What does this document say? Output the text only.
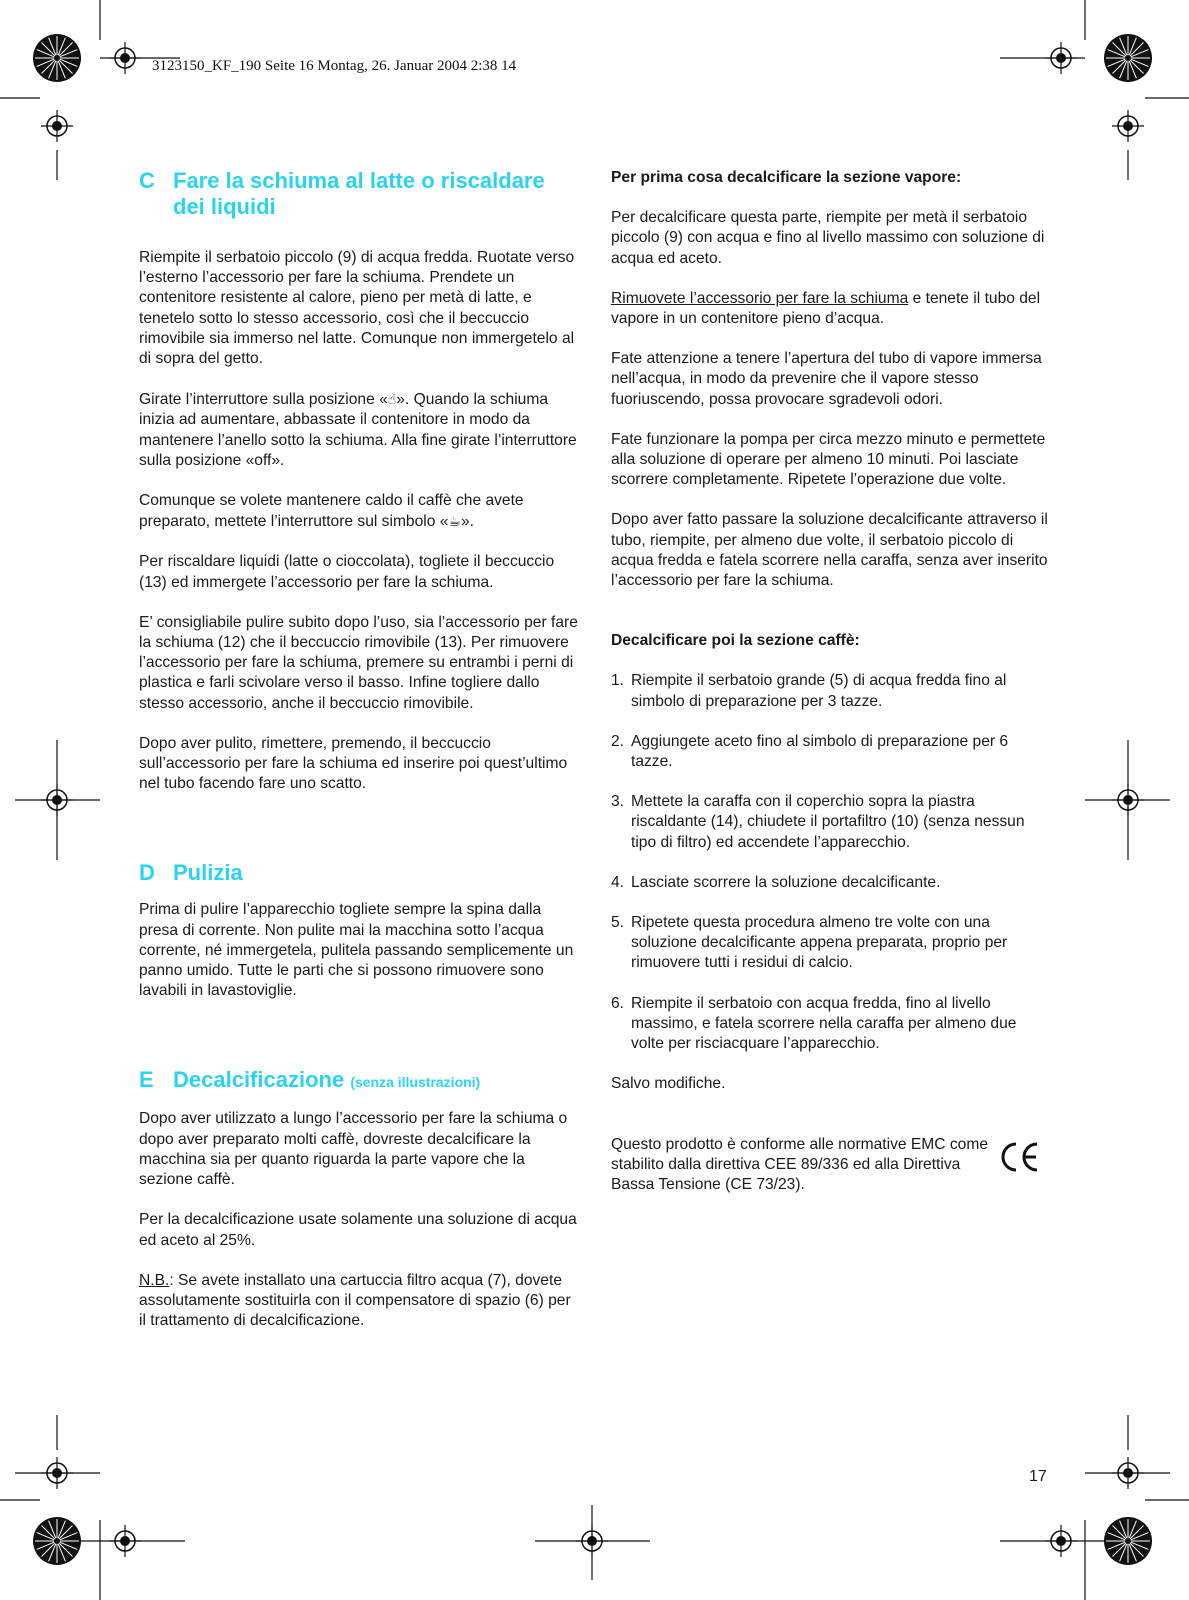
3123150_KF_190 Seite 16 Montag, 26. Januar 2004 2:38 14
C Fare la schiuma al latte o riscaldare dei liquidi

Riempite il serbatoio piccolo (9) di acqua fredda. Ruotate verso l’esterno l’accessorio per fare la schiuma. Prendete un contenitore resistente al calore, pieno per metà di latte, e tenetelo sotto lo stesso accessorio, così che il beccuccio rimovibile sia immerso nel latte. Comunque non immergetelo al di sopra del getto.

Girate l’interruttore sulla posizione «☝». Quando la schiuma inizia ad aumentare, abbassate il contenitore in modo da mantenere l’anello sotto la schiuma. Alla fine girate l’interruttore sulla posizione «off».

Comunque se volete mantenere caldo il caffè che avete preparato, mettete l’interruttore sul simbolo «☕».

Per riscaldare liquidi (latte o cioccolata), togliete il beccuccio (13) ed immergete l’accessorio per fare la schiuma.

E’ consigliabile pulire subito dopo l’uso, sia l’accessorio per fare la schiuma (12) che il beccuccio rimovibile (13). Per rimuovere l’accessorio per fare la schiuma, premere su entrambi i perni di plastica e farli scivolare verso il basso. Infine togliere dallo stesso accessorio, anche il beccuccio rimovibile.

Dopo aver pulito, rimettere, premendo, il beccuccio sull’accessorio per fare la schiuma ed inserire poi quest’ultimo nel tubo facendo fare uno scatto.

D Pulizia

Prima di pulire l’apparecchio togliete sempre la spina dalla presa di corrente. Non pulite mai la macchina sotto l’acqua corrente, né immergetela, pulitela passando semplicemente un panno umido. Tutte le parti che si possono rimuovere sono lavabili in lavastoviglie.

E Decalcificazione (senza illustrazioni)

Dopo aver utilizzato a lungo l’accessorio per fare la schiuma o dopo aver preparato molti caffè, dovreste decalcificare la macchina sia per quanto riguarda la parte vapore che la sezione caffè.

Per la decalcificazione usate solamente una soluzione di acqua ed aceto al 25%.

N.B.: Se avete installato una cartuccia filtro acqua (7), dovete assolutamente sostituirla con il compensatore di spazio (6) per il trattamento di decalcificazione.

Per prima cosa decalcificare la sezione vapore:

Per decalcificare questa parte, riempite per metà il serbatoio piccolo (9) con acqua e fino al livello massimo con soluzione di acqua ed aceto.

Rimuovete l’accessorio per fare la schiuma e tenete il tubo del vapore in un contenitore pieno d’acqua.

Fate attenzione a tenere l’apertura del tubo di vapore immersa nell’acqua, in modo da prevenire che il vapore stesso fuoriuscendo, possa provocare sgradevoli odori.

Fate funzionare la pompa per circa mezzo minuto e permettete alla soluzione di operare per almeno 10 minuti. Poi lasciate scorrere completamente. Ripetete l’operazione due volte.

Dopo aver fatto passare la soluzione decalcificante attraverso il tubo, riempite, per almeno due volte, il serbatoio piccolo di acqua fredda e fatela scorrere nella caraffa, senza aver inserito l’accessorio per fare la schiuma.

Decalcificare poi la sezione caffè:

1. Riempite il serbatoio grande (5) di acqua fredda fino al simbolo di preparazione per 3 tazze.
2. Aggiungete aceto fino al simbolo di preparazione per 6 tazze.
3. Mettete la caraffa con il coperchio sopra la piastra riscaldante (14), chiudete il portafiltro (10) (senza nessun tipo di filtro) ed accendete l’apparecchio.
4. Lasciate scorrere la soluzione decalcificante.
5. Ripetete questa procedura almeno tre volte con una soluzione decalcificante appena preparata, proprio per rimuovere tutti i residui di calcio.
6. Riempite il serbatoio con acqua fredda, fino al livello massimo, e fatela scorrere nella caraffa per almeno due volte per risciacquare l’apparecchio.

Salvo modifiche.

Questo prodotto è conforme alle normative EMC come stabilito dalla direttiva CEE 89/336 ed alla Direttiva Bassa Tensione (CE 73/23).

17
